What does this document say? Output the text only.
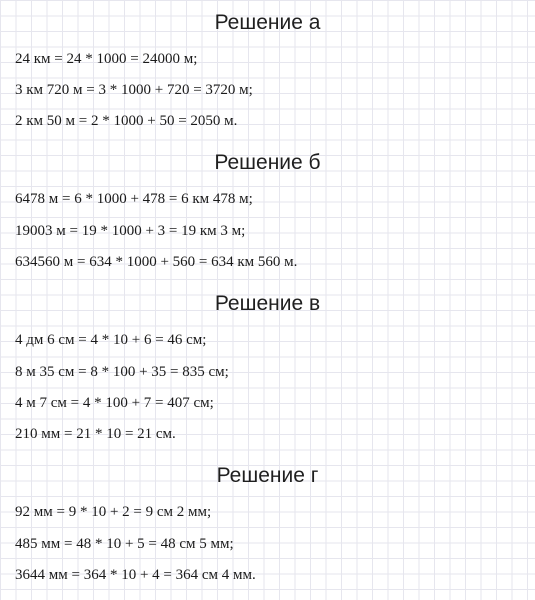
Решение а
24 км = 24 * 1000 = 24000 м;
3 км 720 м = 3 * 1000 + 720 = 3720 м;
2 км 50 м = 2 * 1000 + 50 = 2050 м.
Решение б
6478 м = 6 * 1000 + 478 = 6 км 478 м;
19003 м = 19 * 1000 + 3 = 19 км 3 м;
634560 м = 634 * 1000 + 560 = 634 км 560 м.
Решение в
4 дм 6 см = 4 * 10 + 6 = 46 см;
8 м 35 см = 8 * 100 + 35 = 835 см;
4 м 7 см = 4 * 100 + 7 = 407 см;
210 мм = 21 * 10 = 21 см.
Решение г
92 мм = 9 * 10 + 2 = 9 см 2 мм;
485 мм = 48 * 10 + 5 = 48 см 5 мм;
3644 мм = 364 * 10 + 4 = 364 см 4 мм.
